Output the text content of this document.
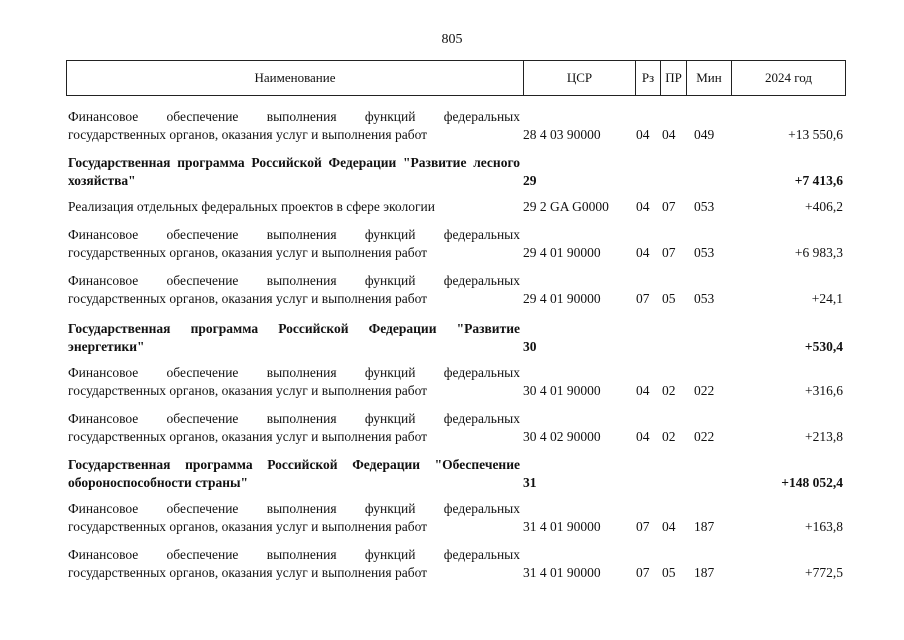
805
Наименование	ЦСР	Рз ПР	Мин	2024 год
Финансовое обеспечение выполнения функций федеральных государственных органов, оказания услуг и выполнения работ	28 4 03 90000	04 04	049	+13 550,6
Государственная программа Российской Федерации "Развитие лесного хозяйства"	29	+7 413,6
Реализация отдельных федеральных проектов в сфере экологии	29 2 GA G0000	04 07	053	+406,2
Финансовое обеспечение выполнения функций федеральных государственных органов, оказания услуг и выполнения работ	29 4 01 90000	04 07	053	+6 983,3
Финансовое обеспечение выполнения функций федеральных государственных органов, оказания услуг и выполнения работ	29 4 01 90000	07 05	053	+24,1
Государственная программа Российской Федерации "Развитие энергетики"	30	+530,4
Финансовое обеспечение выполнения функций федеральных государственных органов, оказания услуг и выполнения работ	30 4 01 90000	04 02	022	+316,6
Финансовое обеспечение выполнения функций федеральных государственных органов, оказания услуг и выполнения работ	30 4 02 90000	04 02	022	+213,8
Государственная программа Российской Федерации "Обеспечение обороноспособности страны"	31	+148 052,4
Финансовое обеспечение выполнения функций федеральных государственных органов, оказания услуг и выполнения работ	31 4 01 90000	07 04	187	+163,8
Финансовое обеспечение выполнения функций федеральных государственных органов, оказания услуг и выполнения работ	31 4 01 90000	07 05	187	+772,5
